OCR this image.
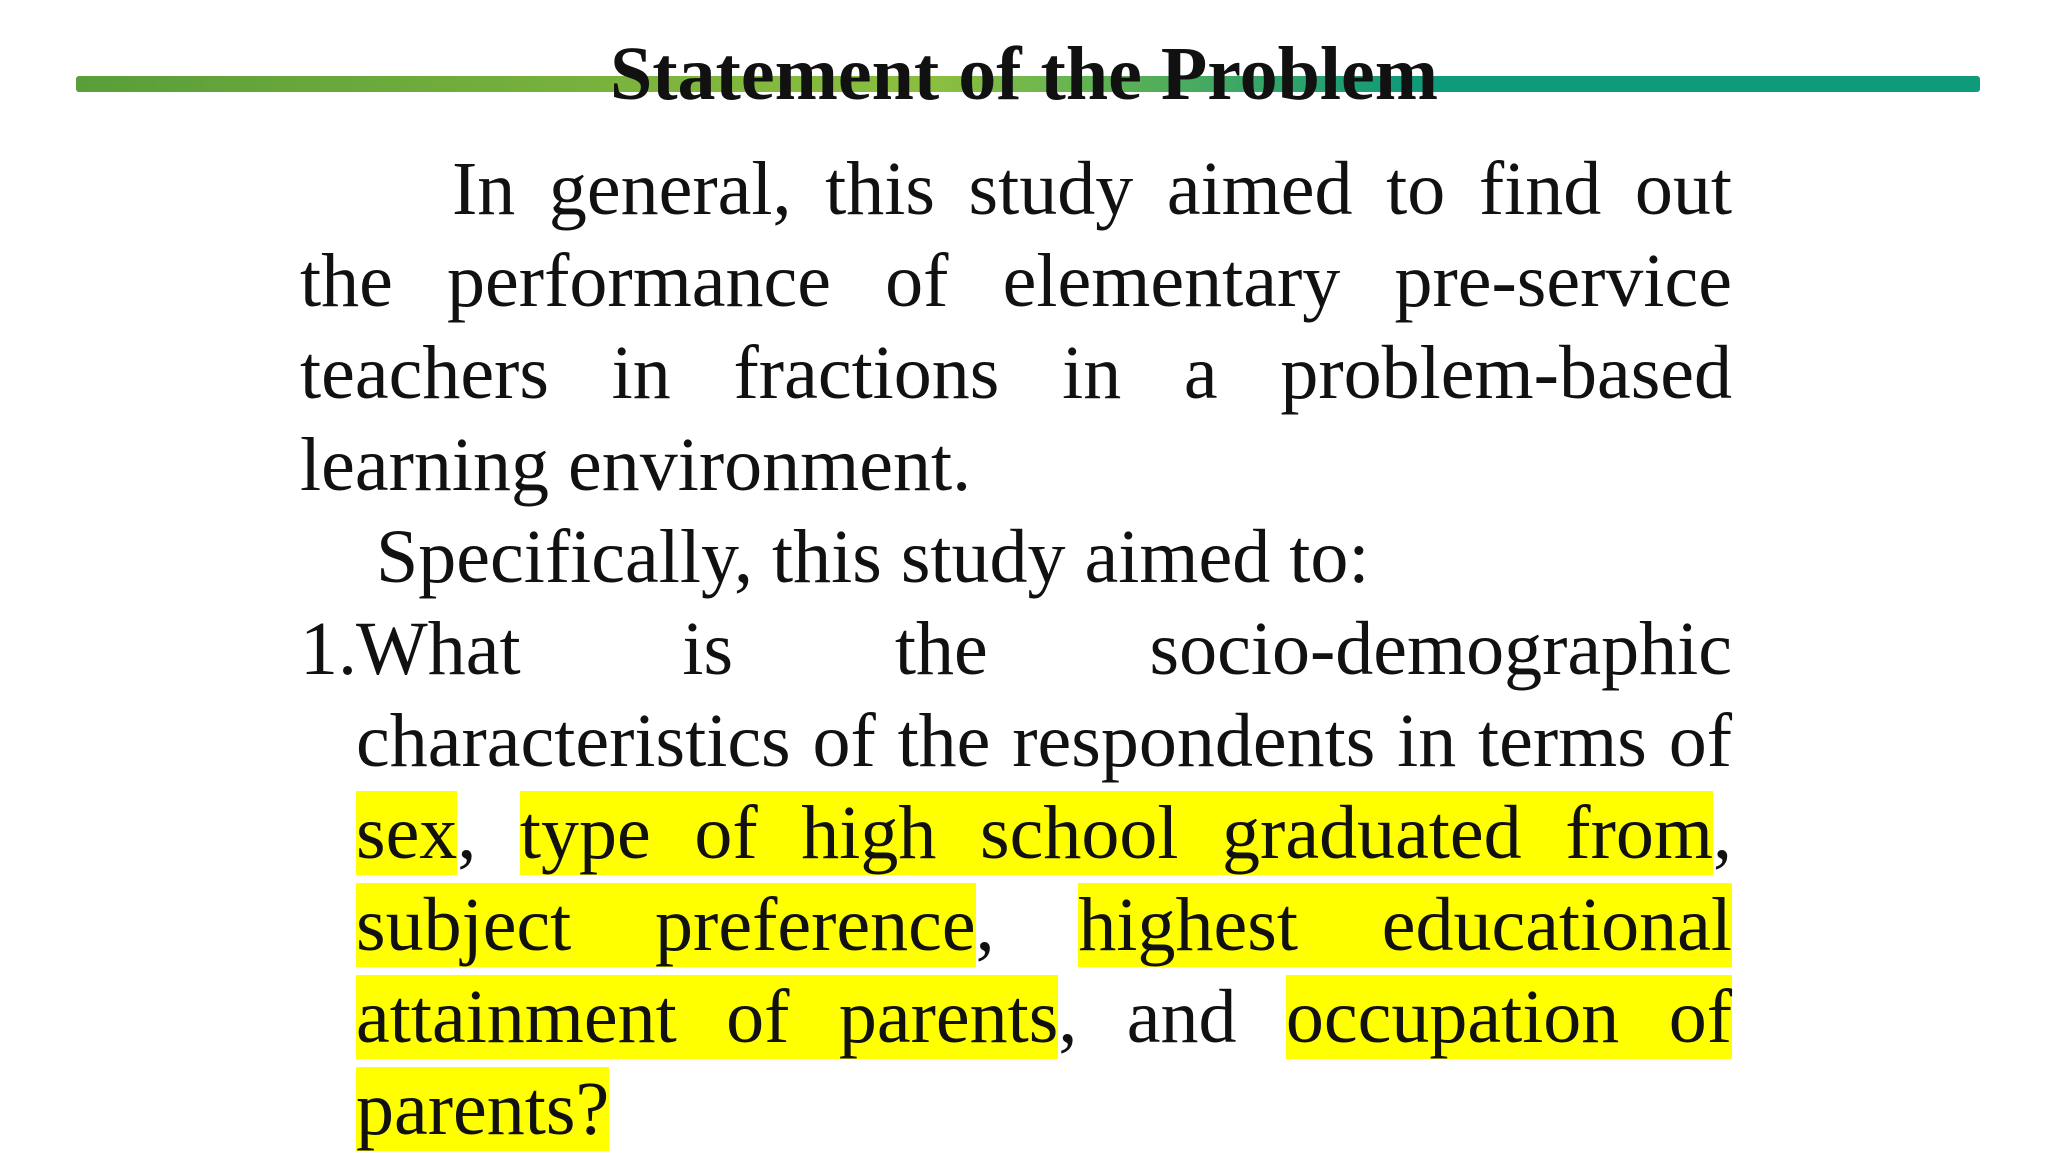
Statement of the Problem

In general, this study aimed to find out the performance of elementary pre-service teachers in fractions in a problem-based learning environment.

Specifically, this study aimed to:

1. What is the socio-demographic characteristics of the respondents in terms of sex, type of high school graduated from, subject preference, highest educational attainment of parents, and occupation of parents?
